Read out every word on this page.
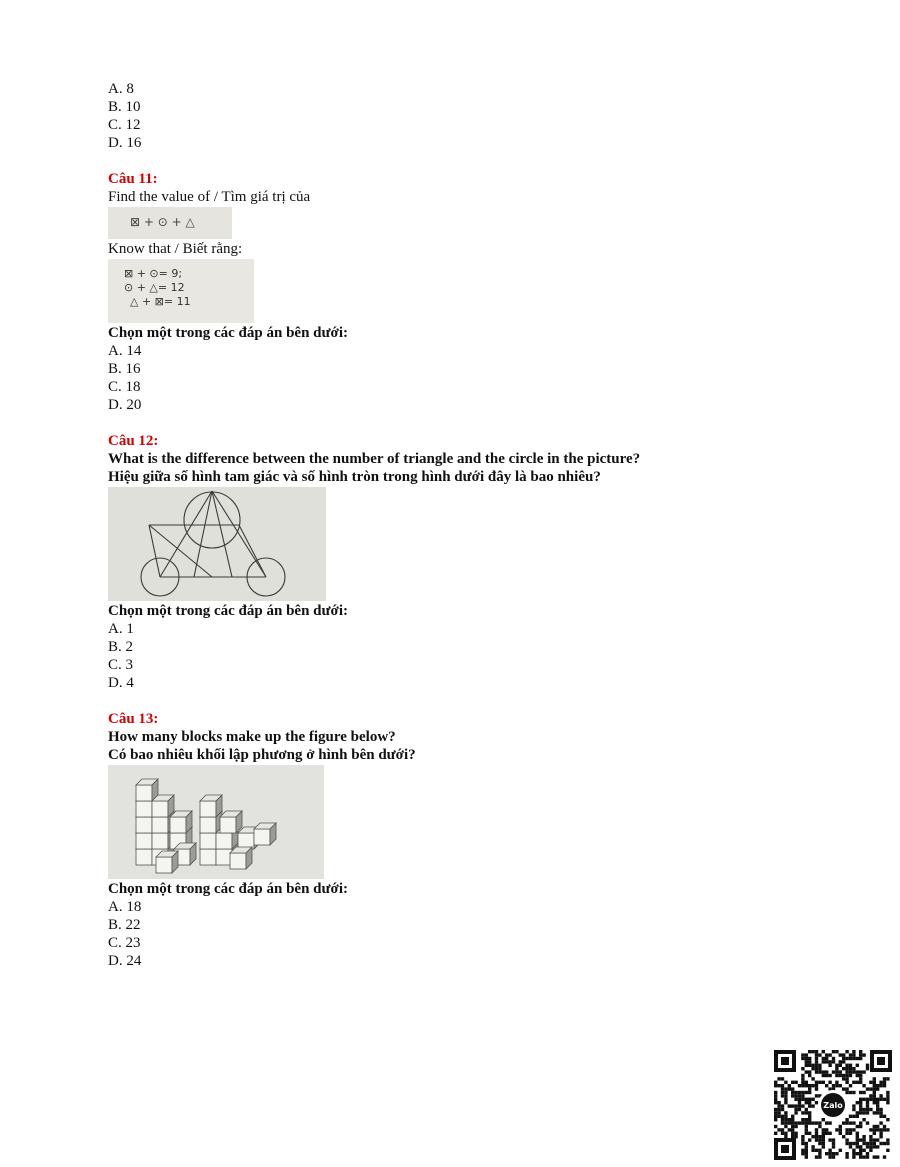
A. 8

B. 10

C. 12

D. 16

Câu 11:

Find the value of / Tìm giá trị của

⊠ + ⊙ + △

Know that / Biết rằng:

⊠ + ⊙= 9;
⊙ + △= 12
△ + ⊠= 11

Chọn một trong các đáp án bên dưới:

A. 14

B. 16

C. 18

D. 20

Câu 12:

What is the difference between the number of triangle and the circle in the picture?

Hiệu giữa số hình tam giác và số hình tròn trong hình dưới đây là bao nhiêu?

Chọn một trong các đáp án bên dưới:

A. 1

B. 2

C. 3

D. 4

Câu 13:

How many blocks make up the figure below?

Có bao nhiêu khối lập phương ở hình bên dưới?

Chọn một trong các đáp án bên dưới:

A. 18

B. 22

C. 23

D. 24

Zalo
